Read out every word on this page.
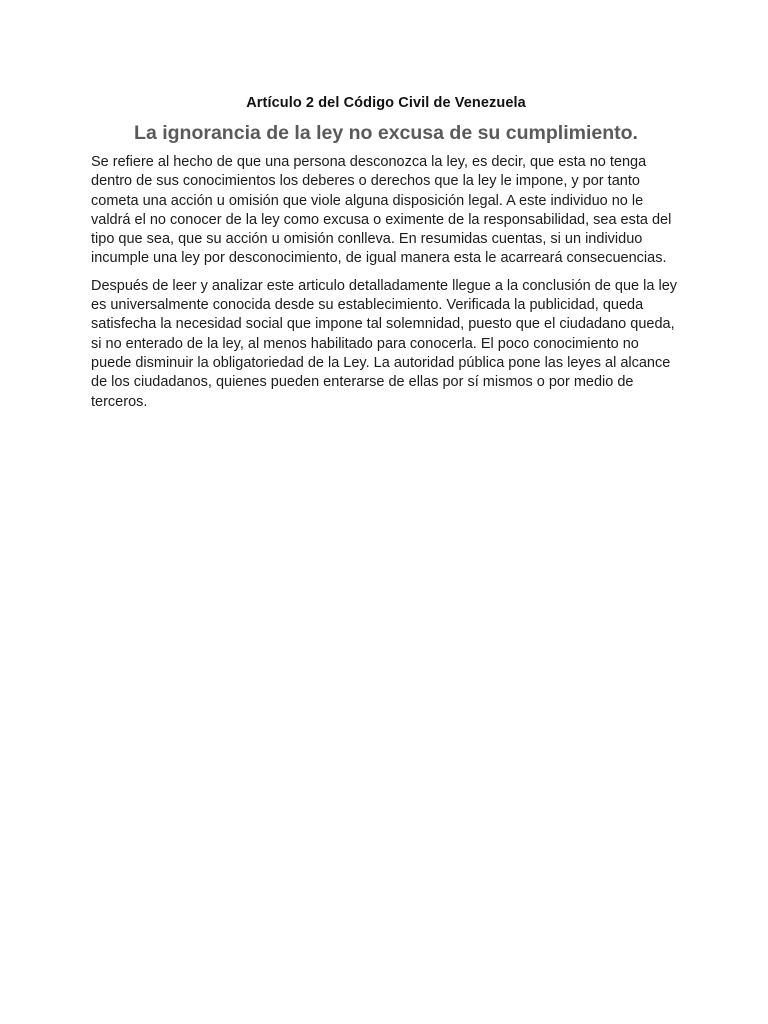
Artículo 2 del Código Civil de Venezuela
La ignorancia de la ley no excusa de su cumplimiento.

Se refiere al hecho de que una persona desconozca la ley, es decir, que esta no tenga dentro de sus conocimientos los deberes o derechos que la ley le impone, y por tanto cometa una acción u omisión que viole alguna disposición legal. A este individuo no le valdrá el no conocer de la ley como excusa o eximente de la responsabilidad, sea esta del tipo que sea, que su acción u omisión conlleva. En resumidas cuentas, si un individuo incumple una ley por desconocimiento, de igual manera esta le acarreará consecuencias.

Después de leer y analizar este articulo detalladamente llegue a la conclusión de que la ley es universalmente conocida desde su establecimiento. Verificada la publicidad, queda satisfecha la necesidad social que impone tal solemnidad, puesto que el ciudadano queda, si no enterado de la ley, al menos habilitado para conocerla. El poco conocimiento no puede disminuir la obligatoriedad de la Ley. La autoridad pública pone las leyes al alcance de los ciudadanos, quienes pueden enterarse de ellas por sí mismos o por medio de terceros.
